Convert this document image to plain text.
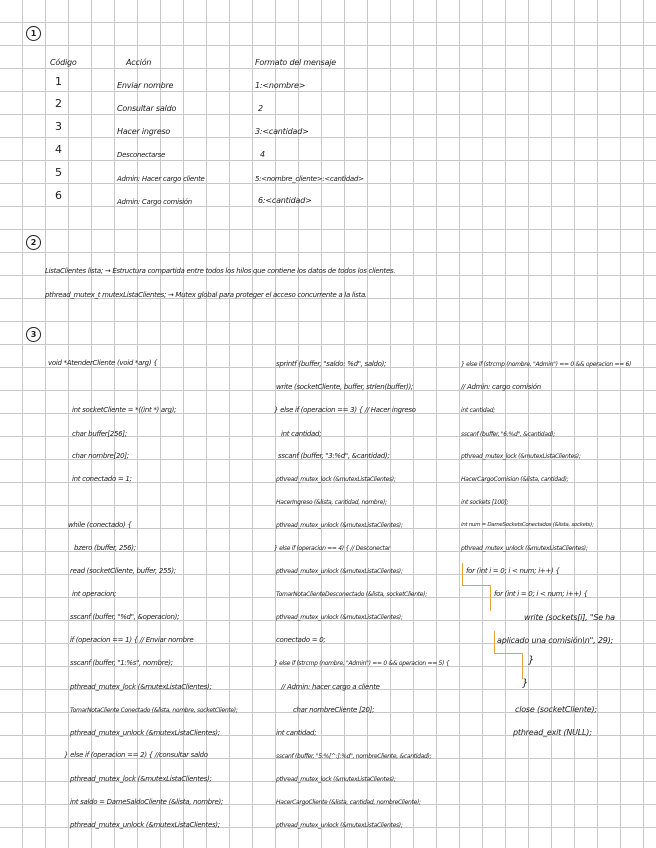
1
2
3
Código	Acción	Formato del mensaje
1	Enviar nombre	1:<nombre>
2	Consultar saldo	2
3	Hacer ingreso	3:<cantidad>
4	Desconectarse	4
5	Admin: Hacer cargo cliente	5:<nombre_cliente>:<cantidad>
6	Admin: Cargo comisión	6:<cantidad>
ListaClientes lista; → Estructura compartida entre todos los hilos que contiene los datos de todos los clientes.
pthread_mutex_t mutexListaClientes; → Mutex global para proteger el acceso concurrente a la lista.
void *AtenderCliente (void *arg) {
int socketCliente = *((int *) arg);
char buffer[256];
char nombre[20];
int conectado = 1;
while (conectado) {
bzero (buffer, 256);
read (socketCliente, buffer, 255);
int operacion;
sscanf (buffer, "%d", &operacion);
if (operacion == 1) { // Enviar nombre
sscanf (buffer, "1:%s", nombre);
pthread_mutex_lock (&mutexListaClientes);
TomarNotaCliente Conectado (&lista, nombre, socketCliente);
pthread_mutex_unlock (&mutexListaClientes);
} else if (operacion == 2) { //consultar saldo
pthread_mutex_lock (&mutexListaClientes);
int saldo = DameSaldoCliente (&lista, nombre);
pthread_mutex_unlock (&mutexListaClientes);
sprintf (buffer, "saldo: %d", saldo);
write (socketCliente, buffer, strlen(buffer));
} else if (operacion == 3) { // Hacer ingreso
int cantidad;
sscanf (buffer, "3:%d", &cantidad);
pthread_mutex_lock (&mutexListaClientes);
HacerIngreso (&lista, cantidad, nombre);
pthread_mutex_unlock (&mutexListaClientes);
} else if (operacion == 4) { // Desconectar
pthread_mutex_unlock (&mutexListaClientes);
TomarNotaClienteDesconectado (&lista, socketCliente);
pthread_mutex_unlock (&mutexListaClientes);
conectado = 0;
} else if (strcmp (nombre, "Admin") == 0 && operacion == 5) {
// Admin: hacer cargo a cliente
char nombreCliente [20];
int cantidad;
sscanf (buffer, "5:%[^:]:%d", nombreCliente, &cantidad);
pthread_mutex_lock (&mutexListaClientes);
HacerCargoCliente (&lista, cantidad, nombreCliente);
pthread_mutex_unlock (&mutexListaClientes);
} else if (strcmp (nombre, "Admin") == 0 && operacion == 6)
// Admin: cargo comisión
int cantidad;
sscanf (buffer, "6:%d", &cantidad);
pthread_mutex_lock (&mutexListaClientes);
HacerCargoComision (&lista, cantidad);
int sockets [100];
int num = DameSocketsConectados (&lista, sockets);
pthread_mutex_unlock (&mutexListaClientes);
for (int i = 0; i < num; i++) {
for (int i = 0; i < num; i++) {
write (sockets[i], "Se ha
aplicado una comisión\n", 29);
}
}
close (socketCliente);
pthread_exit (NULL);
